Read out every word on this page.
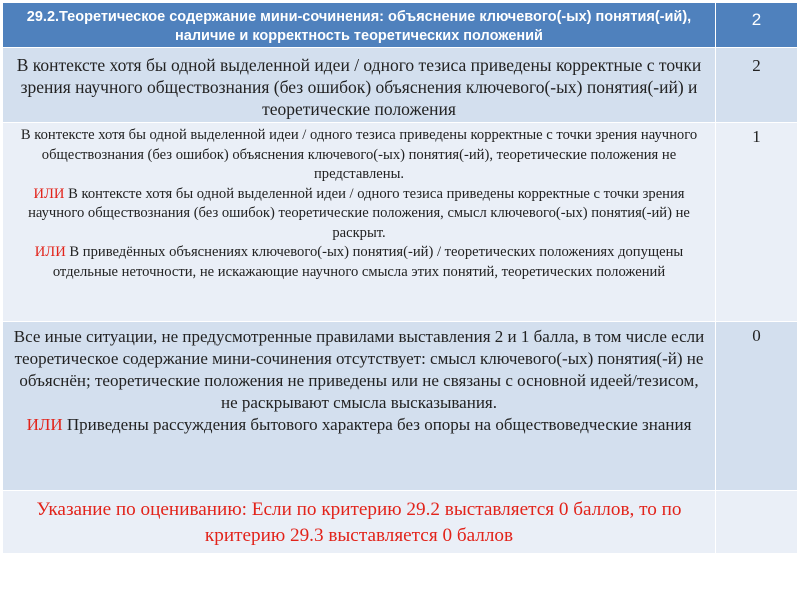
29.2.Теоретическое содержание мини-сочинения: объяснение ключевого(-ых) понятия(-ий), наличие и корректность теоретических положений	2

В контексте хотя бы одной выделенной идеи / одного тезиса приведены корректные с точки зрения научного обществознания (без ошибок) объяснения ключевого(-ых) понятия(-ий) и теоретические положения	2

В контексте хотя бы одной выделенной идеи / одного тезиса приведены корректные с точки зрения научного обществознания (без ошибок) объяснения ключевого(-ых) понятия(-ий), теоретические положения не представлены.
ИЛИ В контексте хотя бы одной выделенной идеи / одного тезиса приведены корректные с точки зрения научного обществознания (без ошибок) теоретические положения, смысл ключевого(-ых) понятия(-ий) не раскрыт.
ИЛИ В приведённых объяснениях ключевого(-ых) понятия(-ий) / теоретических положениях допущены отдельные неточности, не искажающие научного смысла этих понятий, теоретических положений	1

Все иные ситуации, не предусмотренные правилами выставления 2 и 1 балла, в том числе если теоретическое содержание мини-сочинения отсутствует: смысл ключевого(-ых) понятия(-й) не объяснён; теоретические положения не приведены или не связаны с основной идеей/тезисом, не раскрывают смысла высказывания.
ИЛИ Приведены рассуждения бытового характера без опоры на обществоведческие знания	0

Указание по оцениванию: Если по критерию 29.2 выставляется 0 баллов, то по критерию 29.3 выставляется 0 баллов	
